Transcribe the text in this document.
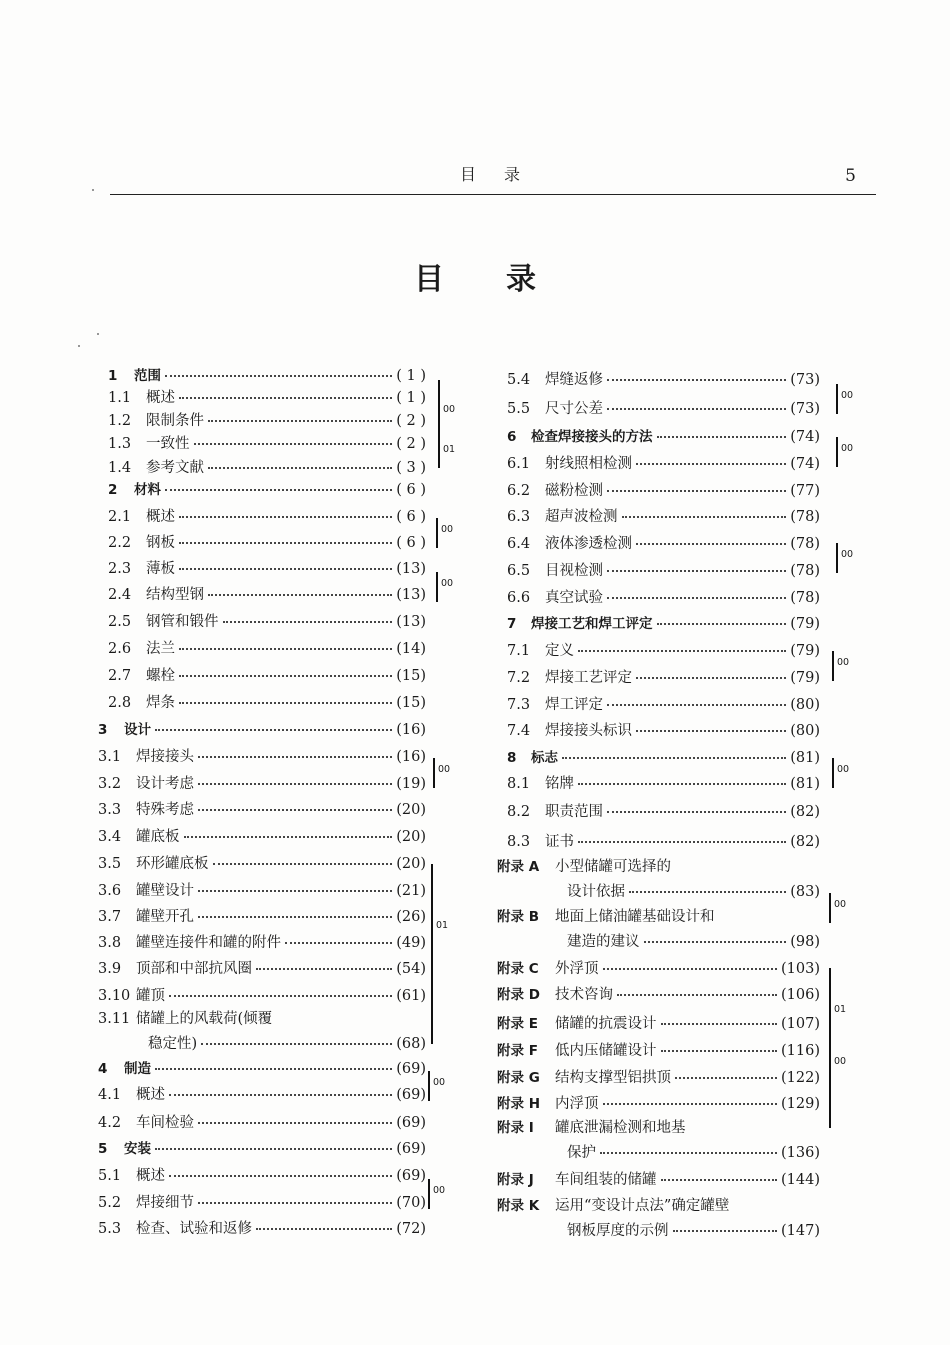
目录	5
目录
1	范围	( 1 )
1.1	概述	( 1 )
1.2	限制条件	( 2 )
1.3	一致性	( 2 )
1.4	参考文献	( 3 )
2	材料	( 6 )
2.1	概述	( 6 )
2.2	钢板	( 6 )
2.3	薄板	(13)
2.4	结构型钢	(13)
2.5	钢管和锻件	(13)
2.6	法兰	(14)
2.7	螺栓	(15)
2.8	焊条	(15)
3	设计	(16)
3.1	焊接接头	(16)
3.2	设计考虑	(19)
3.3	特殊考虑	(20)
3.4	罐底板	(20)
3.5	环形罐底板	(20)
3.6	罐壁设计	(21)
3.7	罐壁开孔	(26)
3.8	罐壁连接件和罐的附件	(49)
3.9	顶部和中部抗风圈	(54)
3.10 罐顶	(61)
3.11 储罐上的风载荷(倾覆
稳定性)	(68)
4	制造	(69)
4.1	概述	(69)
4.2	车间检验	(69)
5	安装	(69)
5.1	概述	(69)
5.2	焊接细节	(70)
5.3	检查、试验和返修	(72)
5.4	焊缝返修	(73)
5.5	尺寸公差	(73)
6	检查焊接接头的方法	(74)
6.1	射线照相检测	(74)
6.2	磁粉检测	(77)
6.3	超声波检测	(78)
6.4	液体渗透检测	(78)
6.5	目视检测	(78)
6.6	真空试验	(78)
7	焊接工艺和焊工评定	(79)
7.1	定义	(79)
7.2	焊接工艺评定	(79)
7.3	焊工评定	(80)
7.4	焊接接头标识	(80)
8	标志	(81)
8.1	铭牌	(81)
8.2	职责范围	(82)
8.3	证书	(82)
附录 A	小型储罐可选择的
设计依据	(83)
附录 B	地面上储油罐基础设计和
建造的建议	(98)
附录 C	外浮顶	(103)
附录 D	技术咨询	(106)
附录 E	储罐的抗震设计	(107)
附录 F	低内压储罐设计	(116)
附录 G	结构支撑型铝拱顶	(122)
附录 H	内浮顶	(129)
附录 I	罐底泄漏检测和地基
保护	(136)
附录 J	车间组装的储罐	(144)
附录 K	运用“变设计点法”确定罐壁
钢板厚度的示例	(147)
00
01
00
00
00
01
00
00
00
00
00
00
00
00
01
00
